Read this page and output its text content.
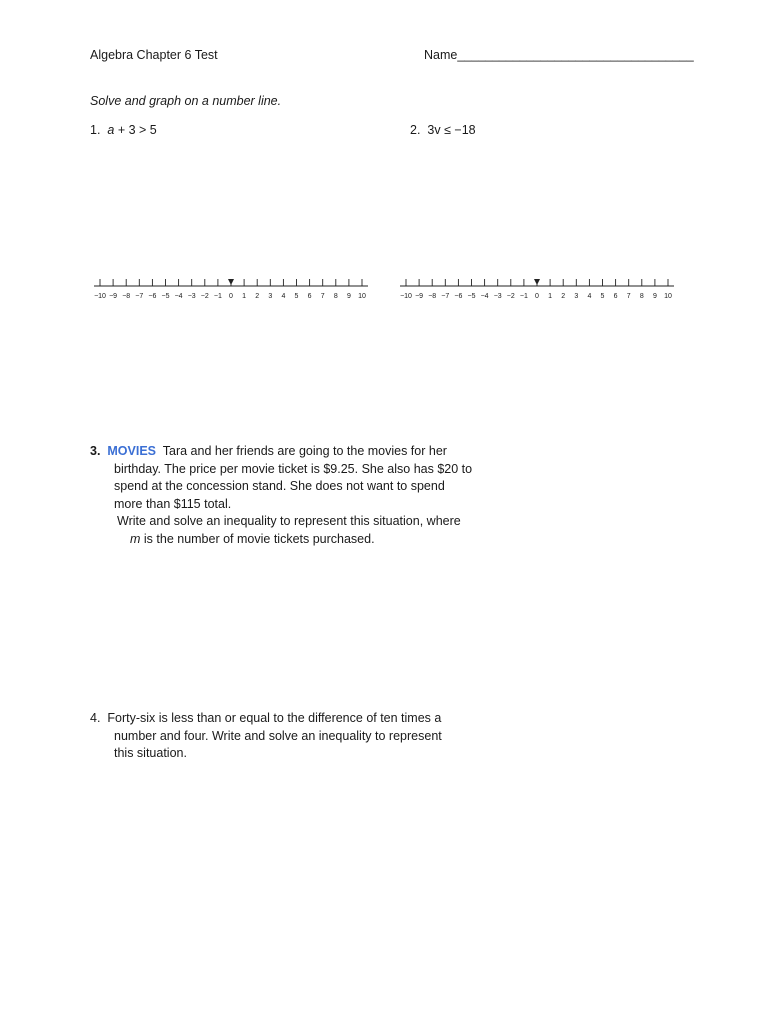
Algebra Chapter 6 Test	Name__________________________________
Solve and graph on a number line.
1. a + 3 > 5	2. 3v ≤ −18
−10 −9 −8 −7 −6 −5 −4 −3 −2 −1 0 1 2 3 4 5 6 7 8 9 10	−10 −9 −8 −7 −6 −5 −4 −3 −2 −1 0 1 2 3 4 5 6 7 8 9 10
3. MOVIES Tara and her friends are going to the movies for her
birthday. The price per movie ticket is $9.25. She also has $20 to
spend at the concession stand. She does not want to spend
more than $115 total.
Write and solve an inequality to represent this situation, where
m is the number of movie tickets purchased.
4. Forty-six is less than or equal to the difference of ten times a
number and four. Write and solve an inequality to represent
this situation.
